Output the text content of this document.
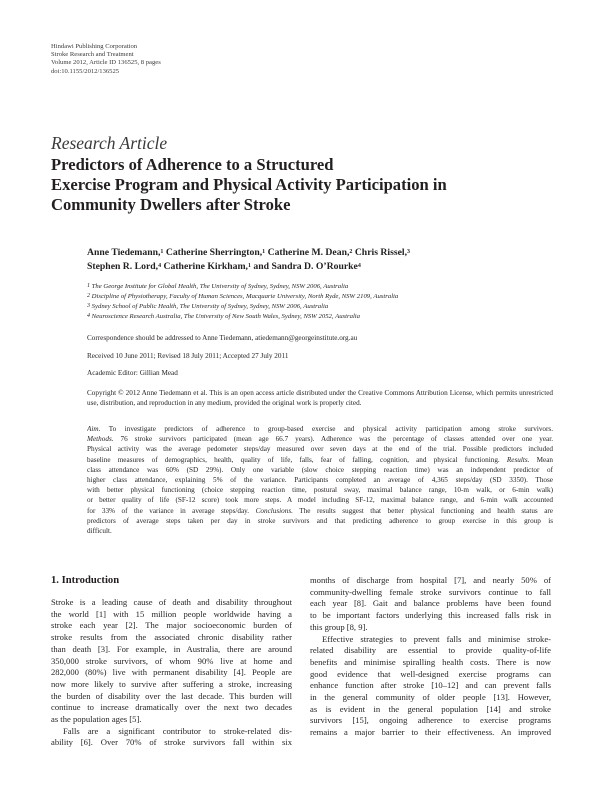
Hindawi Publishing Corporation
Stroke Research and Treatment
Volume 2012, Article ID 136525, 8 pages
doi:10.1155/2012/136525
Research Article
Predictors of Adherence to a Structured
Exercise Program and Physical Activity Participation in
Community Dwellers after Stroke
Anne Tiedemann,$^1$ Catherine Sherrington,$^1$ Catherine M. Dean,$^2$ Chris Rissel,$^3$
Stephen R. Lord,$^4$ Catherine Kirkham,$^1$ and Sandra D. O’Rourke$^4$
$^1$ The George Institute for Global Health, The University of Sydney, Sydney, NSW 2006, Australia
$^2$ Discipline of Physiotherapy, Faculty of Human Sciences, Macquarie University, North Ryde, NSW 2109, Australia
$^3$ Sydney School of Public Health, The University of Sydney, Sydney, NSW 2006, Australia
$^4$ Neuroscience Research Australia, The University of New South Wales, Sydney, NSW 2052, Australia
Correspondence should be addressed to Anne Tiedemann, atiedemann@georgeinstitute.org.au
Received 10 June 2011; Revised 18 July 2011; Accepted 27 July 2011
Academic Editor: Gillian Mead
Copyright © 2012 Anne Tiedemann et al. This is an open access article distributed under the Creative Commons Attribution License, which permits unrestricted use, distribution, and reproduction in any medium, provided the original work is properly cited.
Aim. To investigate predictors of adherence to group-based exercise and physical activity participation among stroke survivors.
Methods. 76 stroke survivors participated (mean age 66.7 years). Adherence was the percentage of classes attended over one year.
Physical activity was the average pedometer steps/day measured over seven days at the end of the trial. Possible predictors included
baseline measures of demographics, health, quality of life, falls, fear of falling, cognition, and physical functioning. Results. Mean
class attendance was 60% (SD 29%). Only one variable (slow choice stepping reaction time) was an independent predictor of
higher class attendance, explaining 5% of the variance. Participants completed an average of 4,365 steps/day (SD 3350). Those
with better physical functioning (choice stepping reaction time, postural sway, maximal balance range, 10-m walk, or 6-min walk)
or better quality of life (SF-12 score) took more steps. A model including SF-12, maximal balance range, and 6-min walk accounted
for 33% of the variance in average steps/day. Conclusions. The results suggest that better physical functioning and health status are
predictors of average steps taken per day in stroke survivors and that predicting adherence to group exercise in this group is
difficult.
1. Introduction
Stroke is a leading cause of death and disability throughout
the world [1] with 15 million people worldwide having a
stroke each year [2]. The major socioeconomic burden of
stroke results from the associated chronic disability rather
than death [3]. For example, in Australia, there are around
350,000 stroke survivors, of whom 90% live at home and
282,000 (80%) live with permanent disability [4]. People are
now more likely to survive after suffering a stroke, increasing
the burden of disability over the last decade. This burden will
continue to increase dramatically over the next two decades
as the population ages [5].
Falls are a significant contributor to stroke-related dis-
ability [6]. Over 70% of stroke survivors fall within six
months of discharge from hospital [7], and nearly 50% of
community-dwelling female stroke survivors continue to fall
each year [8]. Gait and balance problems have been found
to be important factors underlying this increased falls risk in
this group [8, 9].
Effective strategies to prevent falls and minimise stroke-
related disability are essential to provide quality-of-life
benefits and minimise spiralling health costs. There is now
good evidence that well-designed exercise programs can
enhance function after stroke [10–12] and can prevent falls
in the general community of older people [13]. However,
as is evident in the general population [14] and stroke
survivors [15], ongoing adherence to exercise programs
remains a major barrier to their effectiveness. An improved
